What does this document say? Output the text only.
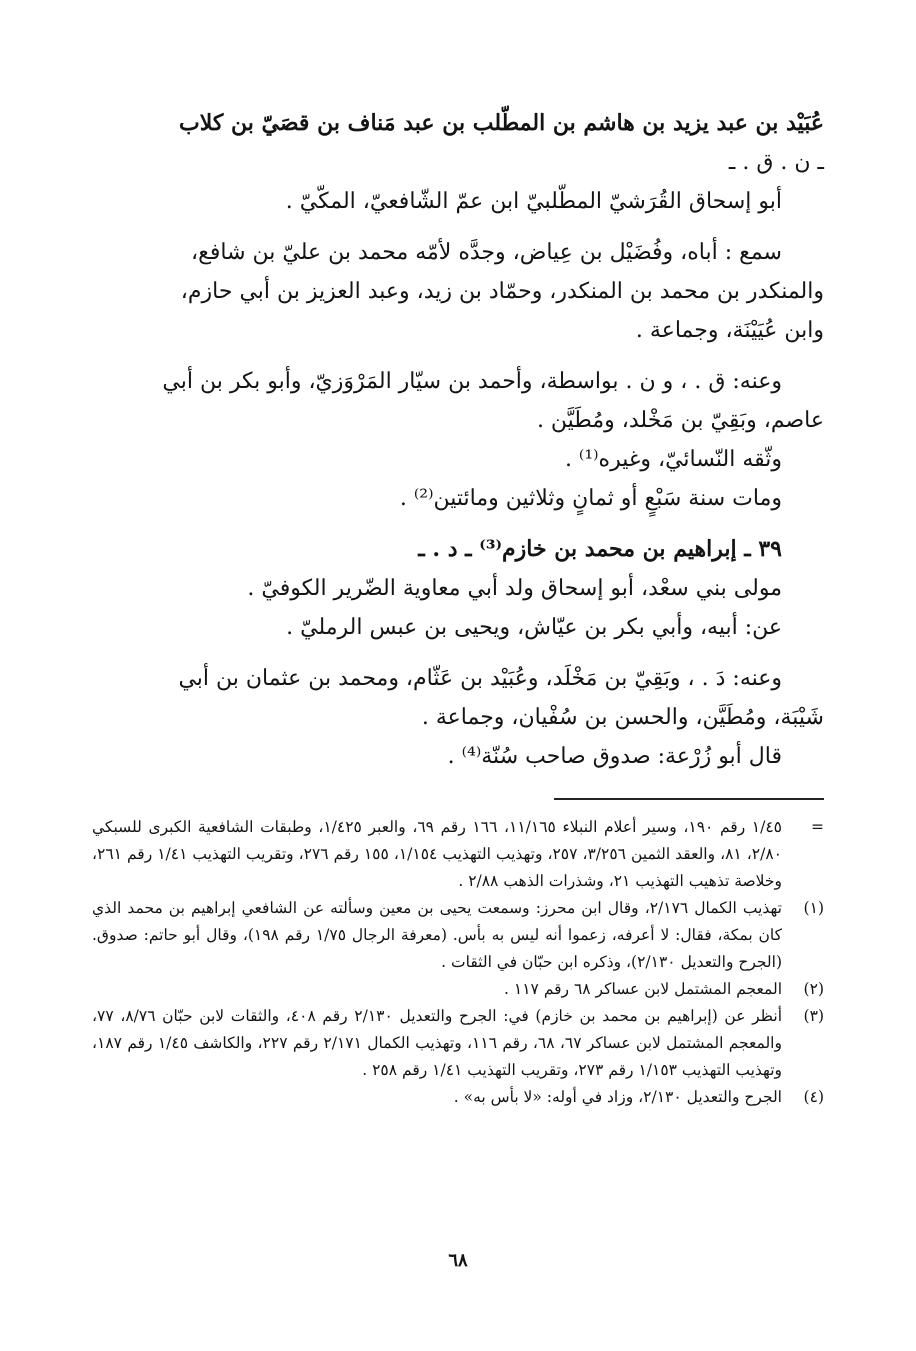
عُبَيْد بن عبد يزيد بن هاشم بن المطّلب بن عبد مَناف بن قصَيّ بن كلاب

ـ ن . ق . ـ

أبو إسحاق القُرَشيّ المطّلبيّ ابن عمّ الشّافعيّ، المكّيّ .

سمع : أباه، وفُضَيْل بن عِياض، وجدَّه لأمّه محمد بن عليّ بن شافع،

والمنكدر بن محمد بن المنكدر، وحمّاد بن زيد، وعبد العزيز بن أبي حازم،

وابن عُيَيْنَة، وجماعة .

وعنه: ق . ، و ن . بواسطة، وأحمد بن سيّار المَرْوَزيّ، وأبو بكر بن أبي

عاصم، وبَقِيّ بن مَخْلد، ومُطَيَّن .

وثّقه النّسائيّ، وغيره⁽¹⁾ .

ومات سنة سَبْعٍ أو ثمانٍ وثلاثين ومائتين⁽²⁾ .

٣٩ ـ إبراهيم بن محمد بن خازم⁽³⁾ ـ د . ـ

مولى بني سعْد، أبو إسحاق ولد أبي معاوية الضّرير الكوفيّ .

عن: أبيه، وأبي بكر بن عيّاش، ويحيى بن عبس الرمليّ .

وعنه: دَ . ، وبَقِيّ بن مَخْلَد، وعُبَيْد بن عَثّام، ومحمد بن عثمان بن أبي

شَيْبَة، ومُطَيَّن، والحسن بن سُفْيان، وجماعة .

قال أبو زُرْعة: صدوق صاحب سُنّة⁽⁴⁾ .

=
١/٤٥ رقم ١٩٠، وسير أعلام النبلاء ١١/١٦٥، ١٦٦ رقم ٦٩، والعبر ١/٤٢٥، وطبقات الشافعية الكبرى للسبكي ٢/٨٠، ٨١، والعقد الثمين ٣/٢٥٦، ٢٥٧، وتهذيب التهذيب ١/١٥٤، ١٥٥ رقم ٢٧٦، وتقريب التهذيب ١/٤١ رقم ٢٦١، وخلاصة تذهيب التهذيب ٢١، وشذرات الذهب ٢/٨٨ .
(١)
تهذيب الكمال ٢/١٧٦، وقال ابن محرز: وسمعت يحيى بن معين وسألته عن الشافعي إبراهيم بن محمد الذي كان بمكة، فقال: لا أعرفه، زعموا أنه ليس به بأس. (معرفة الرجال ١/٧٥ رقم ١٩٨)، وقال أبو حاتم: صدوق. (الجرح والتعديل ٢/١٣٠)، وذكره ابن حبّان في الثقات .
(٢)
المعجم المشتمل لابن عساكر ٦٨ رقم ١١٧ .
(٣)
أنظر عن (إبراهيم بن محمد بن خازم) في: الجرح والتعديل ٢/١٣٠ رقم ٤٠٨، والثقات لابن حبّان ٨/٧٦، ٧٧، والمعجم المشتمل لابن عساكر ٦٧، ٦٨، رقم ١١٦، وتهذيب الكمال ٢/١٧١ رقم ٢٢٧، والكاشف ١/٤٥ رقم ١٨٧، وتهذيب التهذيب ١/١٥٣ رقم ٢٧٣، وتقريب التهذيب ١/٤١ رقم ٢٥٨ .
(٤)
الجرح والتعديل ٢/١٣٠، وزاد في أوله: «لا بأس به» .
٦٨
